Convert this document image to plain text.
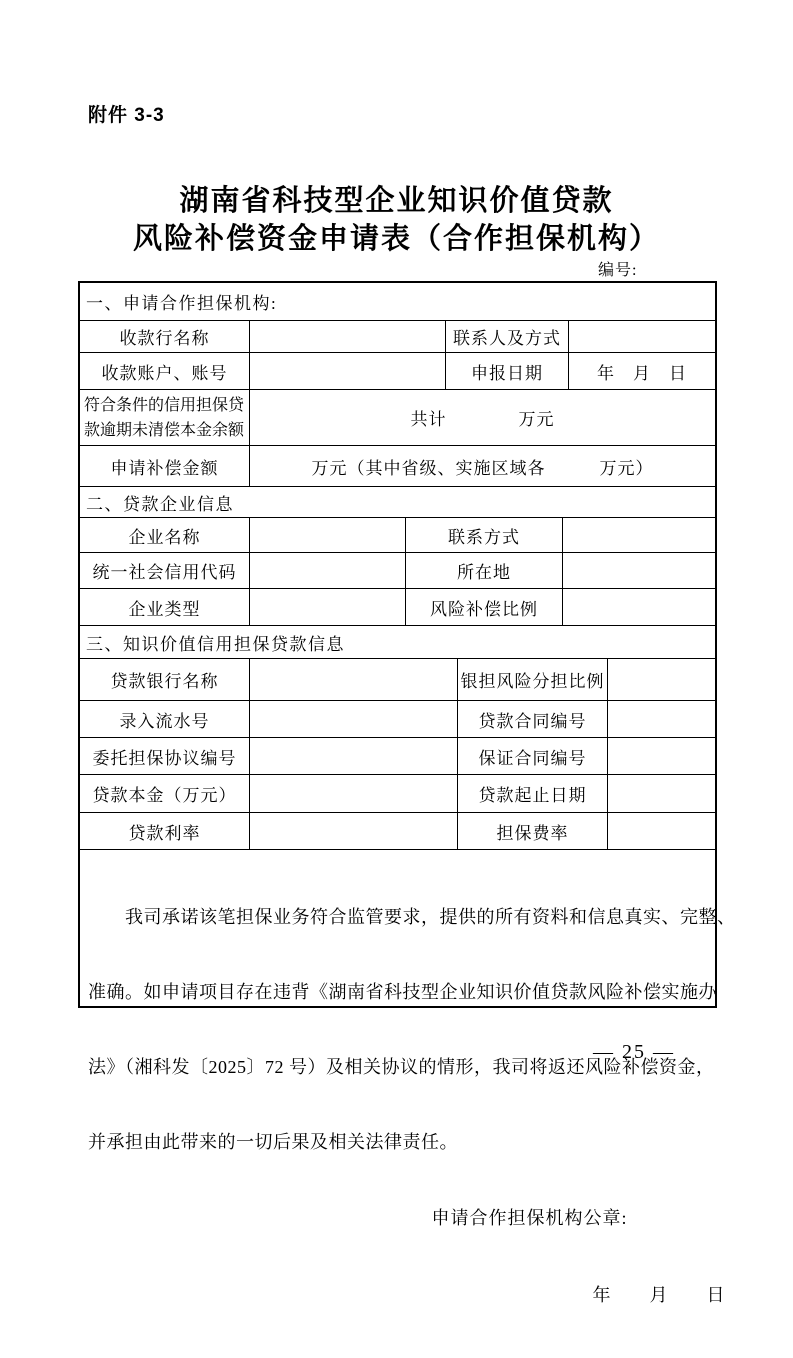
附件 3-3
湖南省科技型企业知识价值贷款
风险补偿资金申请表（合作担保机构）
编号:
一、申请合作担保机构:
收款行名称	联系人及方式
收款账户、账号	申报日期	年　月　日
符合条件的信用担保贷
款逾期未清偿本金余额
共计　　　　万元
申请补偿金额	万元（其中省级、实施区域各　　　万元）
二、贷款企业信息
企业名称	联系方式
统一社会信用代码	所在地
企业类型	风险补偿比例
三、知识价值信用担保贷款信息
贷款银行名称	银担风险分担比例
录入流水号	贷款合同编号
委托担保协议编号	保证合同编号
贷款本金（万元）	贷款起止日期
贷款利率	担保费率

　　我司承诺该笔担保业务符合监管要求，提供的所有资料和信息真实、完整、

准确。如申请项目存在违背《湖南省科技型企业知识价值贷款风险补偿实施办

法》（湘科发〔2025〕72 号）及相关协议的情形，我司将返还风险补偿资金，

并承担由此带来的一切后果及相关法律责任。

申请合作担保机构公章:

年　　月　　日

— 25 —
